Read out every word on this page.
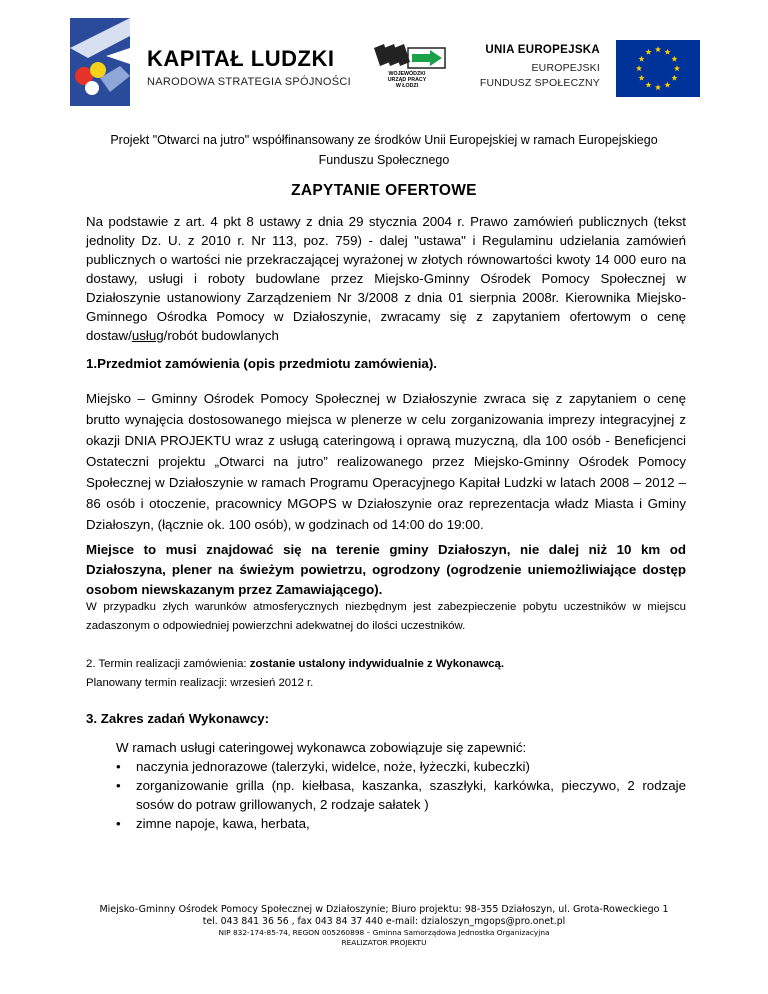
KAPITAŁ LUDZKI
NARODOWA STRATEGIA SPÓJNOŚCI
WOJEWÓDZKI
URZĄD PRACY
W ŁODZI
UNIA EUROPEJSKA
EUROPEJSKI
FUNDUSZ SPOŁECZNY
Projekt "Otwarci na jutro" współfinansowany ze środków Unii Europejskiej w ramach Europejskiego
Funduszu Społecznego
ZAPYTANIE OFERTOWE
Na podstawie z art. 4 pkt 8 ustawy z dnia 29 stycznia 2004 r. Prawo zamówień publicznych (tekst jednolity Dz. U. z 2010 r. Nr 113, poz. 759) - dalej "ustawa" i Regulaminu udzielania zamówień publicznych o wartości nie przekraczającej wyrażonej w złotych równowartości kwoty 14 000 euro na dostawy, usługi i roboty budowlane przez Miejsko-Gminny Ośrodek Pomocy Społecznej w Działoszynie ustanowiony Zarządzeniem Nr 3/2008 z dnia 01 sierpnia 2008r. Kierownika Miejsko-Gminnego Ośrodka Pomocy w Działoszynie, zwracamy się z zapytaniem ofertowym o cenę dostaw/usług/robót budowlanych
1.Przedmiot zamówienia (opis przedmiotu zamówienia).
Miejsko – Gminny Ośrodek Pomocy Społecznej w Działoszynie zwraca się z zapytaniem o cenę brutto wynajęcia dostosowanego miejsca w plenerze w celu zorganizowania imprezy integracyjnej z okazji DNIA PROJEKTU wraz z usługą cateringową i oprawą muzyczną, dla 100 osób - Beneficjenci Ostateczni projektu „Otwarci na jutro” realizowanego przez Miejsko-Gminny Ośrodek Pomocy Społecznej w Działoszynie w ramach Programu Operacyjnego Kapitał Ludzki w latach 2008 – 2012 – 86 osób i otoczenie, pracownicy MGOPS w Działoszynie oraz reprezentacja władz Miasta i Gminy Działoszyn, (łącznie ok. 100 osób), w godzinach od 14:00 do 19:00.
Miejsce to musi znajdować się na terenie gminy Działoszyn, nie dalej niż 10 km od Działoszyna, plener na świeżym powietrzu, ogrodzony (ogrodzenie uniemożliwiające dostęp osobom niewskazanym przez Zamawiającego).
W przypadku złych warunków atmosferycznych niezbędnym jest zabezpieczenie pobytu uczestników w miejscu zadaszonym o odpowiedniej powierzchni adekwatnej do ilości uczestników.
2. Termin realizacji zamówienia: zostanie ustalony indywidualnie z Wykonawcą.
Planowany termin realizacji: wrzesień 2012 r.
3. Zakres zadań Wykonawcy:
W ramach usługi cateringowej wykonawca zobowiązuje się zapewnić:
• naczynia jednorazowe (talerzyki, widelce, noże, łyżeczki, kubeczki)
• zorganizowanie grilla (np. kiełbasa, kaszanka, szaszłyki, karkówka, pieczywo, 2 rodzaje sosów do potraw grillowanych, 2 rodzaje sałatek )
• zimne napoje, kawa, herbata,
Miejsko-Gminny Ośrodek Pomocy Społecznej w Działoszynie; Biuro projektu: 98-355 Działoszyn, ul. Grota-Roweckiego 1
tel. 043 841 36 56 , fax 043 84 37 440 e-mail: dzialoszyn_mgops@pro.onet.pl
NIP 832-174-85-74, REGON 005260898 – Gminna Samorządowa Jednostka Organizacyjna
REALIZATOR PROJEKTU
